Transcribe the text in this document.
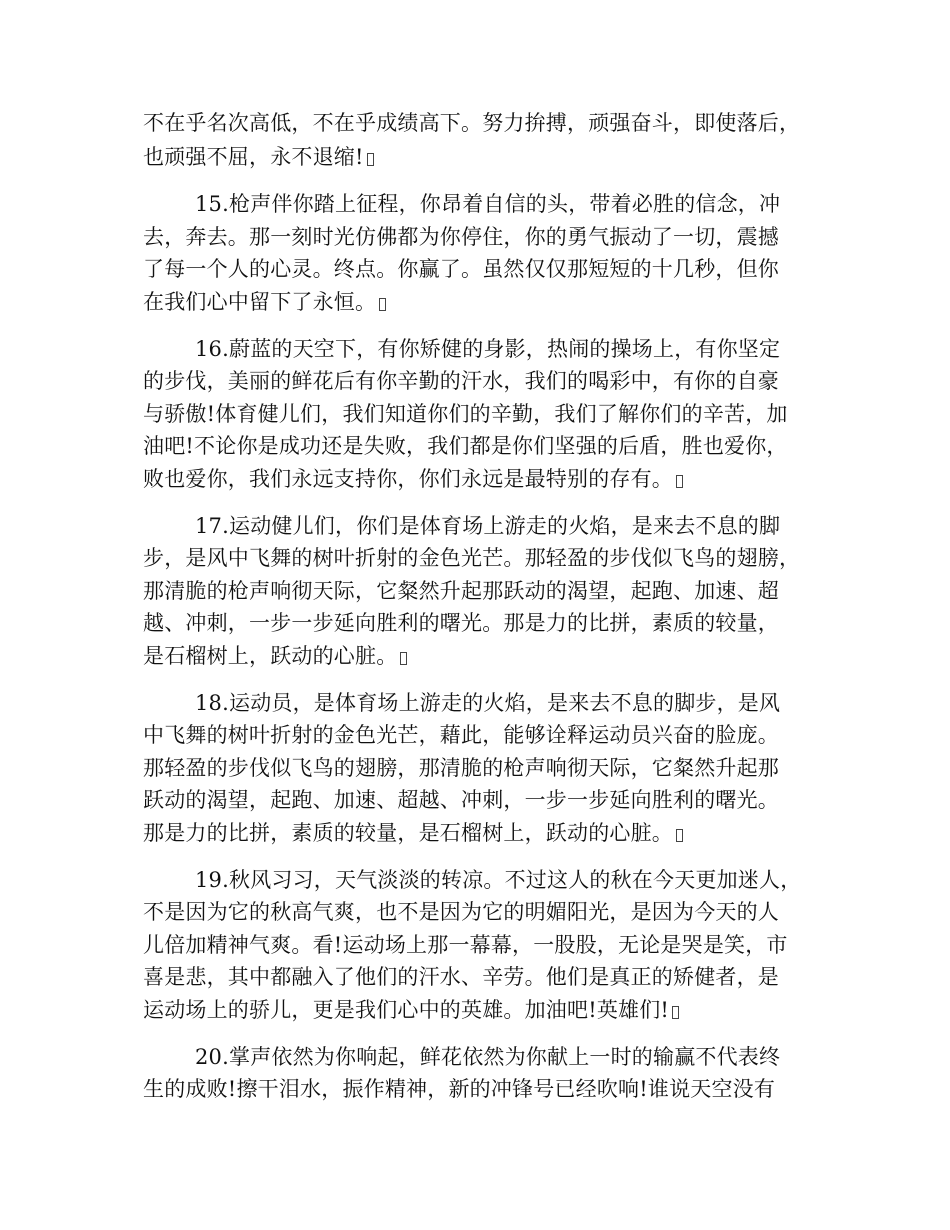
不在乎名次高低，不在乎成绩高下。努力拚搏，顽强奋斗，即使落后，
也顽强不屈，永不退缩!
15.枪声伴你踏上征程，你昂着自信的头，带着必胜的信念，冲
去，奔去。那一刻时光仿佛都为你停住，你的勇气振动了一切，震撼
了每一个人的心灵。终点。你赢了。虽然仅仅那短短的十几秒，但你
在我们心中留下了永恒。
16.蔚蓝的天空下，有你矫健的身影，热闹的操场上，有你坚定
的步伐，美丽的鲜花后有你辛勤的汗水，我们的喝彩中，有你的自豪
与骄傲!体育健儿们，我们知道你们的辛勤，我们了解你们的辛苦，加
油吧!不论你是成功还是失败，我们都是你们坚强的后盾，胜也爱你，
败也爱你，我们永远支持你，你们永远是最特别的存有。
17.运动健儿们，你们是体育场上游走的火焰，是来去不息的脚
步，是风中飞舞的树叶折射的金色光芒。那轻盈的步伐似飞鸟的翅膀，
那清脆的枪声响彻天际，它粲然升起那跃动的渴望，起跑、加速、超
越、冲刺，一步一步延向胜利的曙光。那是力的比拼，素质的较量，
是石榴树上，跃动的心脏。
18.运动员，是体育场上游走的火焰，是来去不息的脚步，是风
中飞舞的树叶折射的金色光芒，藉此，能够诠释运动员兴奋的脸庞。
那轻盈的步伐似飞鸟的翅膀，那清脆的枪声响彻天际，它粲然升起那
跃动的渴望，起跑、加速、超越、冲刺，一步一步延向胜利的曙光。
那是力的比拼，素质的较量，是石榴树上，跃动的心脏。
19.秋风习习，天气淡淡的转凉。不过这人的秋在今天更加迷人，
不是因为它的秋高气爽，也不是因为它的明媚阳光，是因为今天的人
儿倍加精神气爽。看!运动场上那一幕幕，一股股，无论是哭是笑，市
喜是悲，其中都融入了他们的汗水、辛劳。他们是真正的矫健者，是
运动场上的骄儿，更是我们心中的英雄。加油吧!英雄们!
20.掌声依然为你响起，鲜花依然为你献上一时的输赢不代表终
生的成败!擦干泪水，振作精神，新的冲锋号已经吹响!谁说天空没有
